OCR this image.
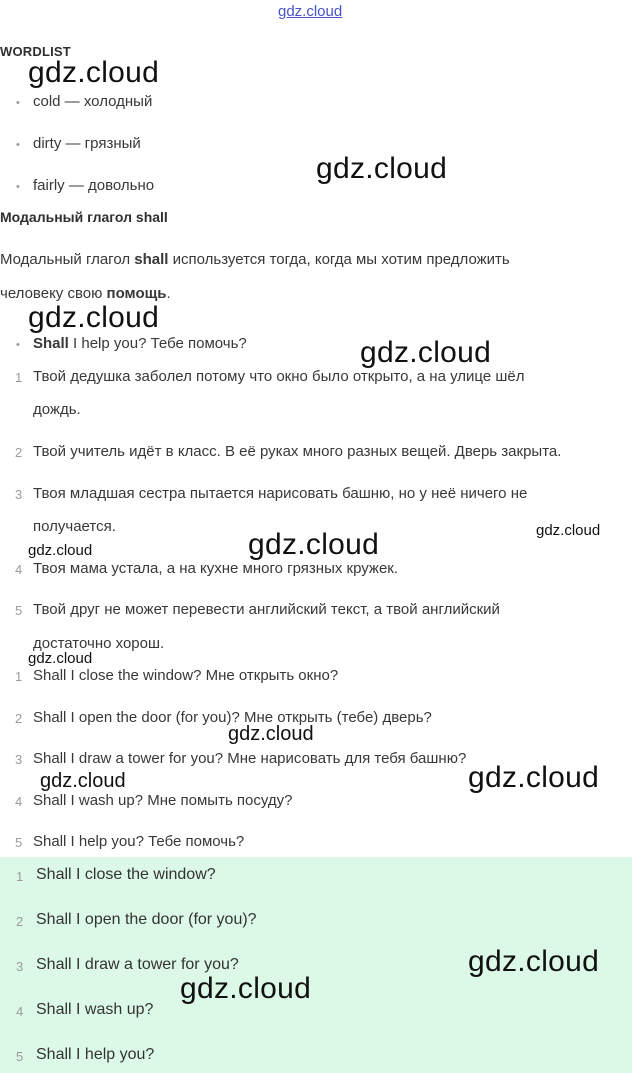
gdz.cloud
WORDLIST
• cold — холодный
• dirty — грязный
• fairly — довольно
Модальный глагол shall
Модальный глагол shall используется тогда, когда мы хотим предложить
человеку свою помощь.
• Shall I help you? Тебе помочь?
1 Твой дедушка заболел потому что окно было открыто, а на улице шёл
дождь.
2 Твой учитель идёт в класс. В её руках много разных вещей. Дверь закрыта.
3 Твоя младшая сестра пытается нарисовать башню, но у неё ничего не
получается.
4 Твоя мама устала, а на кухне много грязных кружек.
5 Твой друг не может перевести английский текст, а твой английский
достаточно хорош.
1 Shall I close the window? Мне открыть окно?
2 Shall I open the door (for you)? Мне открыть (тебе) дверь?
3 Shall I draw a tower for you? Мне нарисовать для тебя башню?
4 Shall I wash up? Мне помыть посуду?
5 Shall I help you? Тебе помочь?
1 Shall I close the window?
2 Shall I open the door (for you)?
3 Shall I draw a tower for you?
4 Shall I wash up?
5 Shall I help you?
gdz.cloud
gdz.cloud
gdz.cloud
gdz.cloud
gdz.cloud
gdz.cloud	gdz.cloud
gdz.cloud
gdz.cloud
gdz.cloud	gdz.cloud
gdz.cloud
gdz.cloud
